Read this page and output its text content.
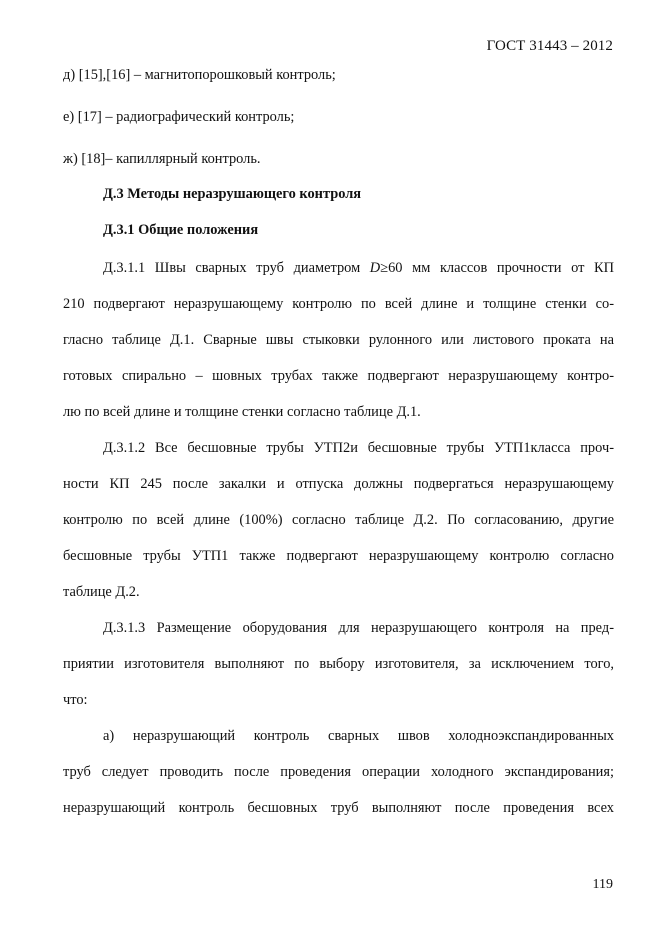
ГОСТ 31443 – 2012
д) [15],[16] – магнитопорошковый контроль;
е) [17] – радиографический контроль;
ж) [18]– капиллярный контроль.
Д.3 Методы неразрушающего контроля
Д.3.1 Общие положения
Д.3.1.1 Швы сварных труб диаметром D≥60 мм классов прочности от КП
210 подвергают неразрушающему контролю по всей длине и толщине стенки со-
гласно таблице Д.1. Сварные швы стыковки рулонного или листового проката на
готовых спирально – шовных трубах также подвергают неразрушающему контро-
лю по всей длине и толщине стенки согласно таблице Д.1.
Д.3.1.2 Все бесшовные трубы УТП2и бесшовные трубы УТП1класса проч-
ности КП 245 после закалки и отпуска должны подвергаться неразрушающему
контролю по всей длине (100%) согласно таблице Д.2. По согласованию, другие
бесшовные трубы УТП1 также подвергают неразрушающему контролю согласно
таблице Д.2.
Д.3.1.3 Размещение оборудования для неразрушающего контроля на пред-
приятии изготовителя выполняют по выбору изготовителя, за исключением того,
что:
а) неразрушающий контроль сварных швов холодноэкспандированных
труб следует проводить после проведения операции холодного экспандирования;
неразрушающий контроль бесшовных труб выполняют после проведения всех
119
